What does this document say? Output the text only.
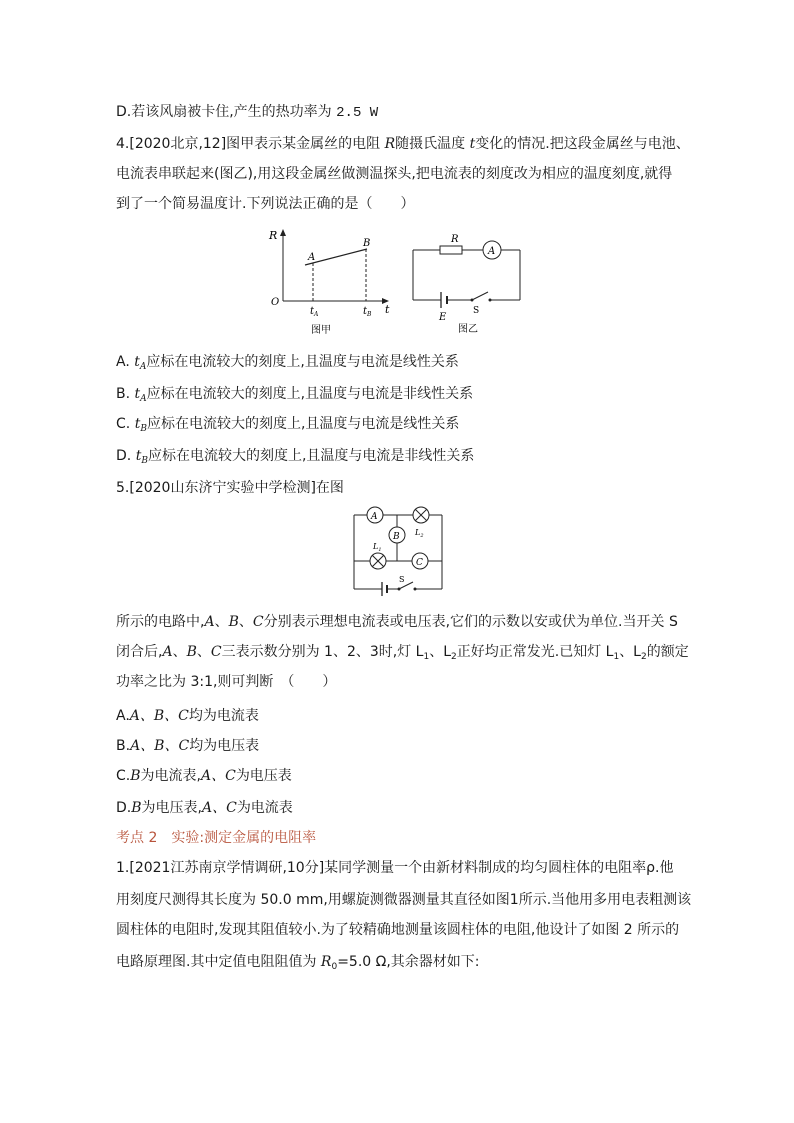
D.若该风扇被卡住,产生的热功率为 2.5 W
4.[2020北京,12]图甲表示某金属丝的电阻 R随摄氏温度 t变化的情况.把这段金属丝与电池、
电流表串联起来(图乙),用这段金属丝做测温探头,把电流表的刻度改为相应的温度刻度,就得
到了一个简易温度计.下列说法正确的是（　　）
R
t
O
A
B
$t_A$	$t_B$
图甲
A
R
E
S
图乙
A. $t_A$应标在电流较大的刻度上,且温度与电流是线性关系
B. $t_A$应标在电流较大的刻度上,且温度与电流是非线性关系
C. $t_B$应标在电流较大的刻度上,且温度与电流是线性关系
D. $t_B$应标在电流较大的刻度上,且温度与电流是非线性关系
5.[2020山东济宁实验中学检测]在图
A
$L_2$
B
$L_1$
C
S
所示的电路中,A、B、C分别表示理想电流表或电压表,它们的示数以安或伏为单位.当开关 S
闭合后,A、B、C三表示数分别为 1、2、3时,灯 $L_1$、$L_2$正好均正常发光.已知灯 $L_1$、$L_2$的额定
功率之比为 3:1,则可判断　（　　）
A.A、B、C均为电流表
B.A、B、C均为电压表
C.B为电流表,A、C为电压表
D.B为电压表,A、C为电流表
考点 2　实验:测定金属的电阻率
1.[2021江苏南京学情调研,10分]某同学测量一个由新材料制成的均匀圆柱体的电阻率ρ.他
用刻度尺测得其长度为 50.0 mm,用螺旋测微器测量其直径如图1所示.当他用多用电表粗测该
圆柱体的电阻时,发现其阻值较小.为了较精确地测量该圆柱体的电阻,他设计了如图 2 所示的
电路原理图.其中定值电阻阻值为 $R_0=5.0$ Ω,其余器材如下:
